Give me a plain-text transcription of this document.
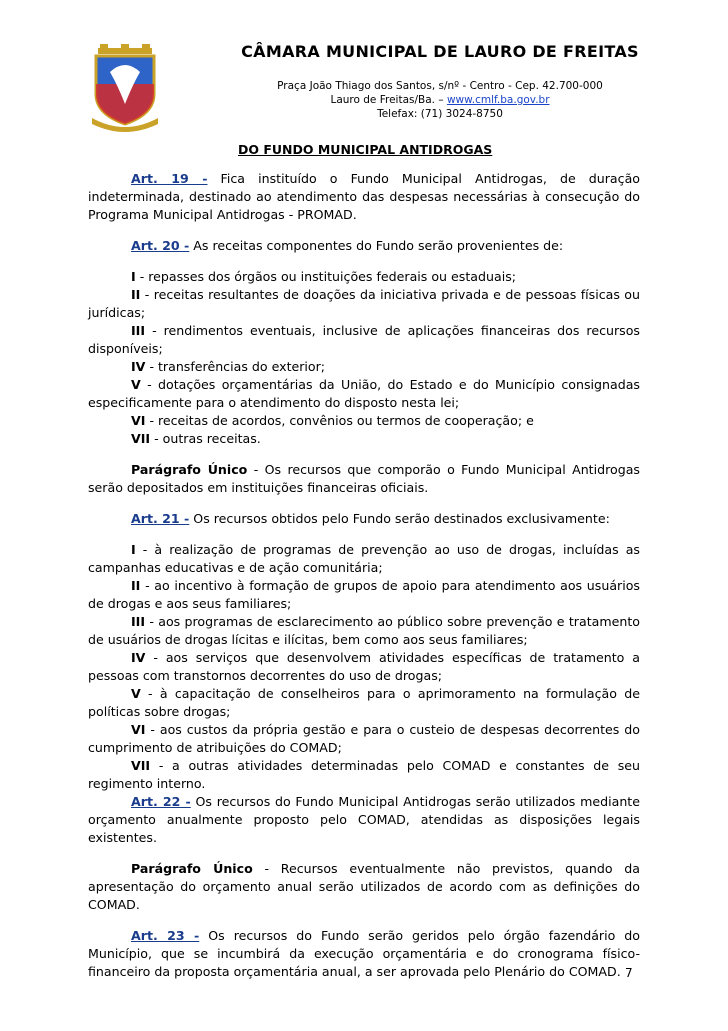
CÂMARA MUNICIPAL DE LAURO DE FREITAS
Praça João Thiago dos Santos, s/nº - Centro - Cep. 42.700-000
Lauro de Freitas/Ba. – www.cmlf.ba.gov.br
Telefax: (71) 3024-8750
DO FUNDO MUNICIPAL ANTIDROGAS

Art. 19 - Fica instituído o Fundo Municipal Antidrogas, de duração indeterminada, destinado ao atendimento das despesas necessárias à consecução do Programa Municipal Antidrogas - PROMAD.

Art. 20 - As receitas componentes do Fundo serão provenientes de:

I - repasses dos órgãos ou instituições federais ou estaduais;

II - receitas resultantes de doações da iniciativa privada e de pessoas físicas ou jurídicas;

III - rendimentos eventuais, inclusive de aplicações financeiras dos recursos disponíveis;

IV - transferências do exterior;

V - dotações orçamentárias da União, do Estado e do Município consignadas especificamente para o atendimento do disposto nesta lei;

VI - receitas de acordos, convênios ou termos de cooperação; e

VII - outras receitas.

Parágrafo Único - Os recursos que comporão o Fundo Municipal Antidrogas serão depositados em instituições financeiras oficiais.

Art. 21 - Os recursos obtidos pelo Fundo serão destinados exclusivamente:

I - à realização de programas de prevenção ao uso de drogas, incluídas as campanhas educativas e de ação comunitária;

II - ao incentivo à formação de grupos de apoio para atendimento aos usuários de drogas e aos seus familiares;

III - aos programas de esclarecimento ao público sobre prevenção e tratamento de usuários de drogas lícitas e ilícitas, bem como aos seus familiares;

IV - aos serviços que desenvolvem atividades específicas de tratamento a pessoas com transtornos decorrentes do uso de drogas;

V - à capacitação de conselheiros para o aprimoramento na formulação de políticas sobre drogas;

VI - aos custos da própria gestão e para o custeio de despesas decorrentes do cumprimento de atribuições do COMAD;

VII - a outras atividades determinadas pelo COMAD e constantes de seu regimento interno.

Art. 22 - Os recursos do Fundo Municipal Antidrogas serão utilizados mediante orçamento anualmente proposto pelo COMAD, atendidas as disposições legais existentes.

Parágrafo Único - Recursos eventualmente não previstos, quando da apresentação do orçamento anual serão utilizados de acordo com as definições do COMAD.

Art. 23 - Os recursos do Fundo serão geridos pelo órgão fazendário do Município, que se incumbirá da execução orçamentária e do cronograma físico-financeiro da proposta orçamentária anual, a ser aprovada pelo Plenário do COMAD. 7
